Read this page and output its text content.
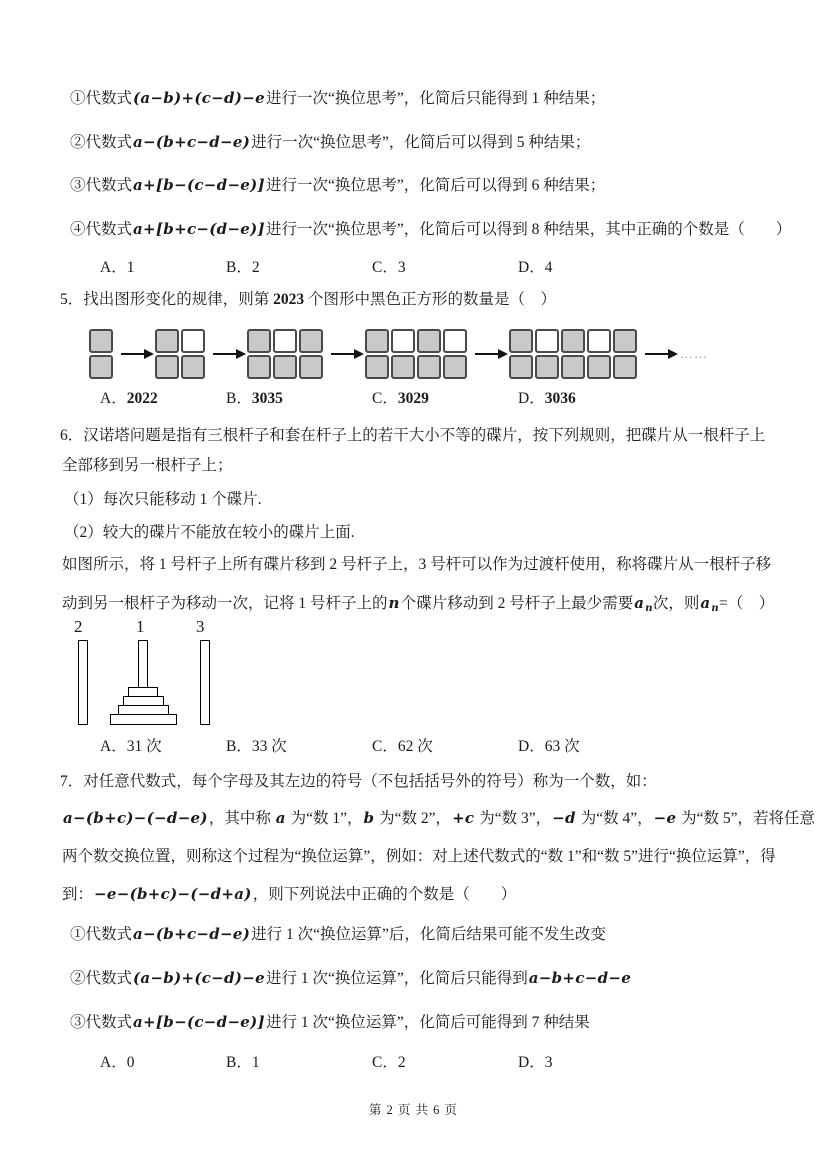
①代数式(a−b)+(c−d)−e进行一次“换位思考”，化简后只能得到 1 种结果；
②代数式a−(b+c−d−e)进行一次“换位思考”，化简后可以得到 5 种结果；
③代数式a+[b−(c−d−e)]进行一次“换位思考”，化简后可以得到 6 种结果；
④代数式a+[b+c−(d−e)]进行一次“换位思考”，化简后可以得到 8 种结果，其中正确的个数是（　　）
A．1	B．2	C．3	D．4
5．找出图形变化的规律，则第 2023 个图形中黑色正方形的数量是（　）
……
A．2022	B．3035	C．3029	D．3036
6．汉诺塔问题是指有三根杆子和套在杆子上的若干大小不等的碟片，按下列规则，把碟片从一根杆子上
全部移到另一根杆子上；
（1）每次只能移动 1 个碟片.
（2）较大的碟片不能放在较小的碟片上面.
如图所示，将 1 号杆子上所有碟片移到 2 号杆子上，3 号杆可以作为过渡杆使用，称将碟片从一根杆子移
动到另一根杆子为移动一次，记将 1 号杆子上的n个碟片移动到 2 号杆子上最少需要$a_n$次，则$a_n=$（　）
2	1	3
A．31 次	B．33 次	C．62 次	D．63 次
7．对任意代数式，每个字母及其左边的符号（不包括括号外的符号）称为一个数，如：
a−(b+c)−(−d−e)，其中称 a 为“数 1”，b 为“数 2”，+c 为“数 3”，−d 为“数 4”，−e 为“数 5”，若将任意
两个数交换位置，则称这个过程为“换位运算”，例如：对上述代数式的“数 1”和“数 5”进行“换位运算”，得
到：−e−(b+c)−(−d+a)，则下列说法中正确的个数是（　　）
①代数式a−(b+c−d−e)进行 1 次“换位运算”后，化简后结果可能不发生改变
②代数式(a−b)+(c−d)−e进行 1 次“换位运算”，化简后只能得到a−b+c−d−e
③代数式a+[b−(c−d−e)]进行 1 次“换位运算”，化简后可能得到 7 种结果
A．0	B．1	C．2	D．3
第 2 页 共 6 页
